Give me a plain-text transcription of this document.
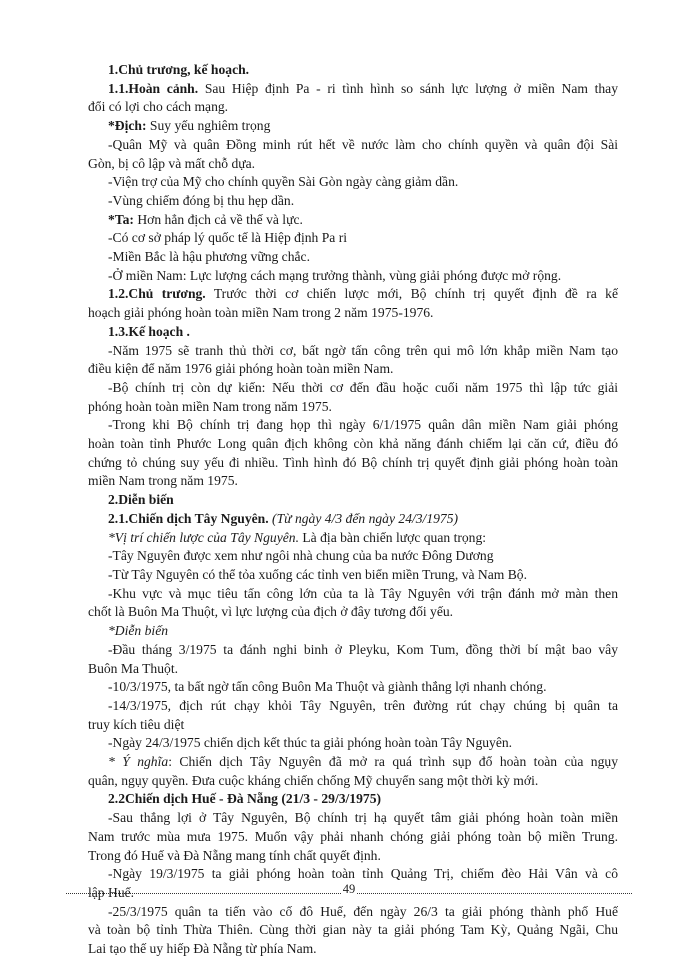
1.Chủ trương, kế hoạch.
1.1.Hoàn cảnh. Sau Hiệp định Pa - ri tình hình so sánh lực lượng ở miền Nam thay
đổi có lợi cho cách mạng.
*Địch: Suy yếu nghiêm trọng
-Quân Mỹ và quân Đồng minh rút hết về nước làm cho chính quyền và quân đội Sài
Gòn, bị cô lập và mất chỗ dựa.
-Viện trợ của Mỹ cho chính quyền Sài Gòn ngày càng giảm dần.
-Vùng chiếm đóng bị thu hẹp dần.
*Ta: Hơn hẳn địch cả về thế và lực.
-Có cơ sở pháp lý quốc tế là Hiệp định Pa ri
-Miền Bắc là hậu phương vững chắc.
-Ở miền Nam: Lực lượng cách mạng trưởng thành, vùng giải phóng được mở rộng.
1.2.Chủ trương. Trước thời cơ chiến lược mới, Bộ chính trị quyết định đề ra kế
hoạch giải phóng hoàn toàn miền Nam trong 2 năm 1975-1976.
1.3.Kế hoạch .
-Năm 1975 sẽ tranh thủ thời cơ, bất ngờ tấn công trên qui mô lớn khắp miền Nam tạo
điều kiện để năm 1976 giải phóng hoàn toàn miền Nam.
-Bộ chính trị còn dự kiến: Nếu thời cơ đến đầu hoặc cuối năm 1975 thì lập tức giải
phóng hoàn toàn miền Nam trong năm 1975.
-Trong khi Bộ chính trị đang họp thì ngày 6/1/1975 quân dân miền Nam giải phóng
hoàn toàn tỉnh Phước Long quân địch không còn khả năng đánh chiếm lại căn cứ, điều đó
chứng tỏ chúng suy yếu đi nhiều. Tình hình đó Bộ chính trị quyết định giải phóng hoàn toàn
miền Nam trong năm 1975.
2.Diễn biến
2.1.Chiến dịch Tây Nguyên. (Từ ngày 4/3 đến ngày 24/3/1975)
*Vị trí chiến lược của Tây Nguyên. Là địa bàn chiến lược quan trọng:
-Tây Nguyên được xem như ngôi nhà chung của ba nước Đông Dương
-Từ Tây Nguyên có thể tỏa xuống các tỉnh ven biển miền Trung, và Nam Bộ.
-Khu vực và mục tiêu tấn công lớn của ta là Tây Nguyên với trận đánh mở màn then
chốt là Buôn Ma Thuột, vì lực lượng của địch ở đây tương đối yếu.
*Diễn biến
-Đầu tháng 3/1975 ta đánh nghi binh ở Pleyku, Kom Tum, đồng thời bí mật bao vây
Buôn Ma Thuột.
-10/3/1975, ta bất ngờ tấn công Buôn Ma Thuột và giành thắng lợi nhanh chóng.
-14/3/1975, địch rút chạy khỏi Tây Nguyên, trên đường rút chạy chúng bị quân ta
truy kích tiêu diệt
-Ngày 24/3/1975 chiến dịch kết thúc ta giải phóng hoàn toàn Tây Nguyên.
* Ý nghĩa: Chiến dịch Tây Nguyên đã mở ra quá trình sụp đổ hoàn toàn của ngụy
quân, ngụy quyền. Đưa cuộc kháng chiến chống Mỹ chuyển sang một thời kỳ mới.
2.2Chiến dịch Huế - Đà Nẵng (21/3 - 29/3/1975)
-Sau thắng lợi ở Tây Nguyên, Bộ chính trị hạ quyết tâm giải phóng hoàn toàn miền
Nam trước mùa mưa 1975. Muốn vậy phải nhanh chóng giải phóng toàn bộ miền Trung.
Trong đó Huế và Đà Nẵng mang tính chất quyết định.
-Ngày 19/3/1975 ta giải phóng hoàn toàn tỉnh Quảng Trị, chiếm đèo Hải Vân và cô
lập Huế.
-25/3/1975 quân ta tiến vào cố đô Huế, đến ngày 26/3 ta giải phóng thành phố Huế
và toàn bộ tỉnh Thừa Thiên. Cùng thời gian này ta giải phóng Tam Kỳ, Quảng Ngãi, Chu
Lai tạo thế uy hiếp Đà Nẵng từ phía Nam.
49
